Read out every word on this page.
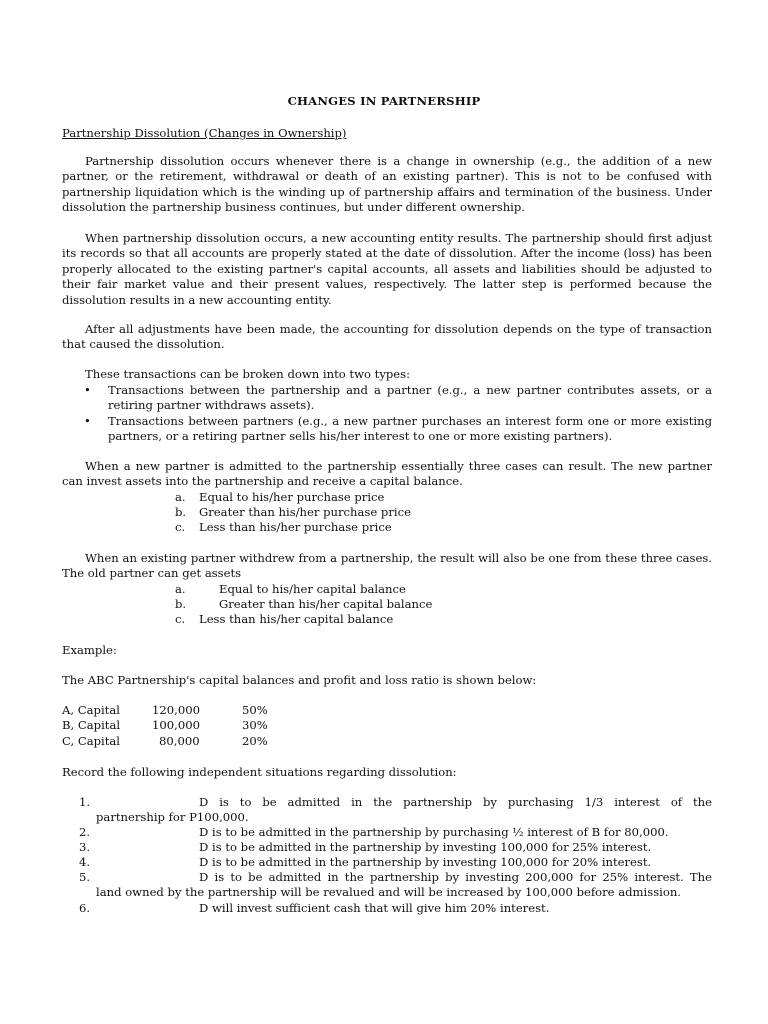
CHANGES IN PARTNERSHIP

Partnership Dissolution (Changes in Ownership)

Partnership dissolution occurs whenever there is a change in ownership (e.g., the addition of a new partner, or the retirement, withdrawal or death of an existing partner). This is not to be confused with partnership liquidation which is the winding up of partnership affairs and termination of the business. Under dissolution the partnership business continues, but under different ownership.

When partnership dissolution occurs, a new accounting entity results. The partnership should first adjust its records so that all accounts are properly stated at the date of dissolution. After the income (loss) has been properly allocated to the existing partner's capital accounts, all assets and liabilities should be adjusted to their fair market value and their present values, respectively. The latter step is performed because the dissolution results in a new accounting entity.

After all adjustments have been made, the accounting for dissolution depends on the type of transaction that caused the dissolution.

These transactions can be broken down into two types:

• Transactions between the partnership and a partner (e.g., a new partner contributes assets, or a retiring partner withdraws assets).
• Transactions between partners (e.g., a new partner purchases an interest form one or more existing partners, or a retiring partner sells his/her interest to one or more existing partners).

When a new partner is admitted to the partnership essentially three cases can result. The new partner can invest assets into the partnership and receive a capital balance.

a. Equal to his/her purchase price
b. Greater than his/her purchase price
c. Less than his/her purchase price

When an existing partner withdrew from a partnership, the result will also be one from these three cases. The old partner can get assets

a.	Equal to his/her capital balance
b.	Greater than his/her capital balance
c. Less than his/her capital balance

Example:

The ABC Partnership's capital balances and profit and loss ratio is shown below:

A, Capital	120,000	50%
B, Capital	100,000	30%
C, Capital	80,000	20%

Record the following independent situations regarding dissolution:

1.	D is to be admitted in the partnership by purchasing 1/3 interest of the
partnership for P100,000.
2.	D is to be admitted in the partnership by purchasing ½ interest of B for 80,000.
3.	D is to be admitted in the partnership by investing 100,000 for 25% interest.
4.	D is to be admitted in the partnership by investing 100,000 for 20% interest.
5.	D is to be admitted in the partnership by investing 200,000 for 25% interest. The
land owned by the partnership will be revalued and will be increased by 100,000 before admission.
6.	D will invest sufficient cash that will give him 20% interest.
